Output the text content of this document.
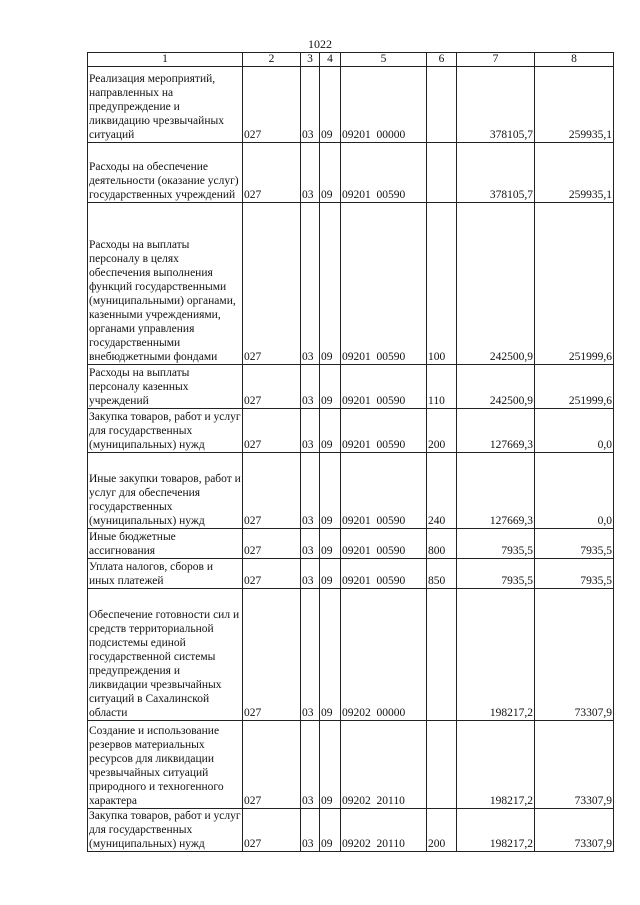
1022
1	2	3	4	5	6	7	8
Реализация мероприятий, направленных на предупреждение и ликвидацию чрезвычайных ситуаций	027	03	09	09201  00000		378105,7	259935,1
Расходы на обеспечение деятельности (оказание услуг) государственных учреждений	027	03	09	09201  00590		378105,7	259935,1
Расходы на выплаты персоналу в целях обеспечения выполнения функций государственными (муниципальными) органами, казенными учреждениями, органами управления государственными внебюджетными фондами	027	03	09	09201  00590	100	242500,9	251999,6
Расходы на выплаты персоналу казенных учреждений	027	03	09	09201  00590	110	242500,9	251999,6
Закупка товаров, работ и услуг для государственных (муниципальных) нужд	027	03	09	09201  00590	200	127669,3	0,0
Иные закупки товаров, работ и услуг для обеспечения государственных (муниципальных) нужд	027	03	09	09201  00590	240	127669,3	0,0
Иные бюджетные ассигнования	027	03	09	09201  00590	800	7935,5	7935,5
Уплата налогов, сборов и иных платежей	027	03	09	09201  00590	850	7935,5	7935,5
Обеспечение готовности сил и средств территориальной подсистемы единой государственной системы предупреждения и ликвидации чрезвычайных ситуаций в Сахалинской области	027	03	09	09202  00000		198217,2	73307,9
Создание и использование резервов материальных ресурсов для ликвидации чрезвычайных ситуаций природного и техногенного характера	027	03	09	09202  20110		198217,2	73307,9
Закупка товаров, работ и услуг для государственных (муниципальных) нужд	027	03	09	09202  20110	200	198217,2	73307,9
